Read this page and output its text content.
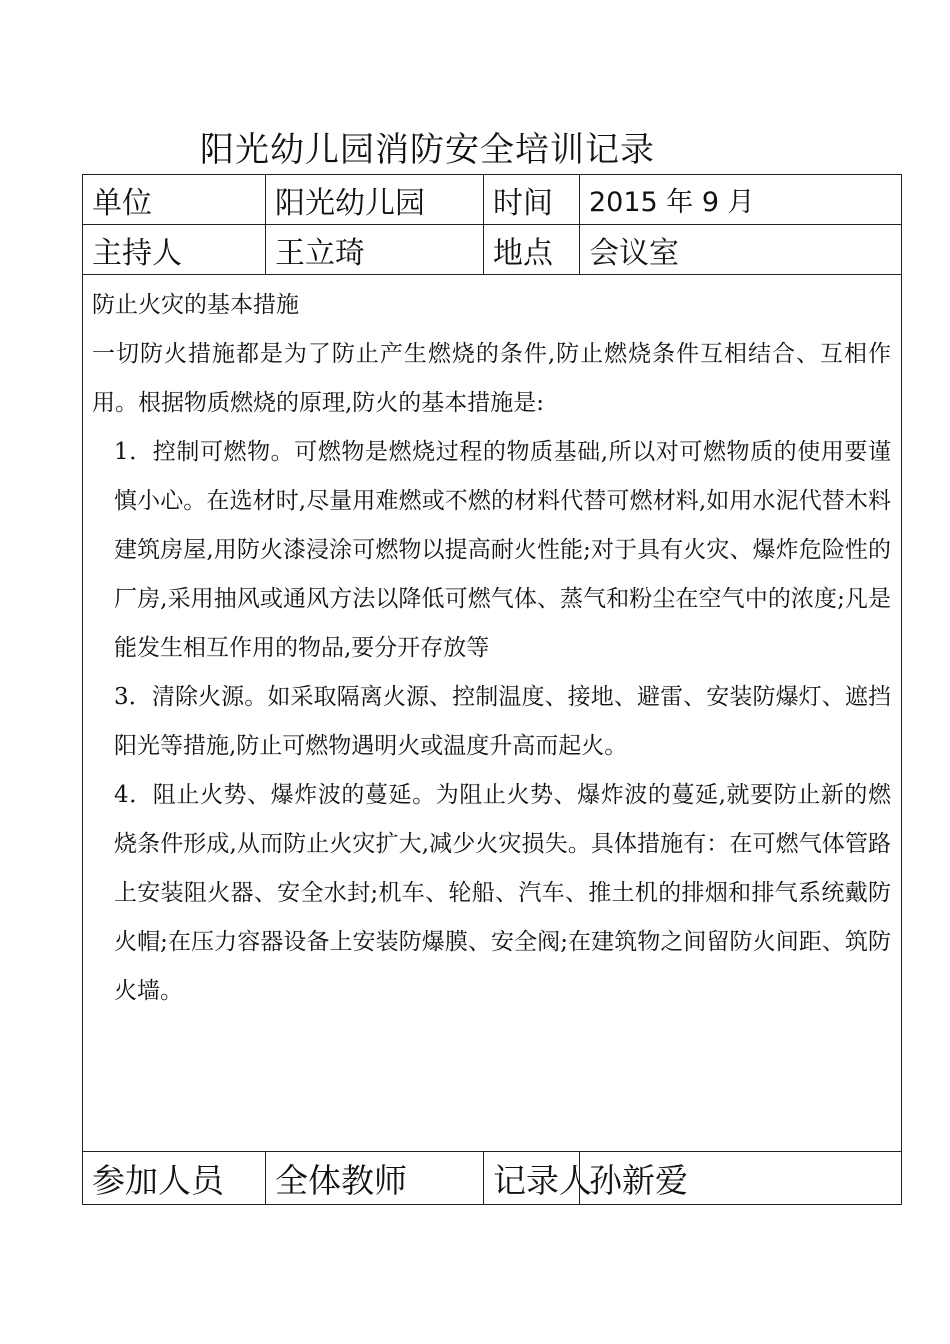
阳光幼儿园消防安全培训记录
单位	阳光幼儿园	时间	2015 年 9 月
主持人	王立琦	地点	会议室

防止火灾的基本措施

一切防火措施都是为了防止产生燃烧的条件,防止燃烧条件互相结合、互相作用。根据物质燃烧的原理,防火的基本措施是:

1．控制可燃物。可燃物是燃烧过程的物质基础,所以对可燃物质的使用要谨慎小心。在选材时,尽量用难燃或不燃的材料代替可燃材料,如用水泥代替木料建筑房屋,用防火漆浸涂可燃物以提高耐火性能;对于具有火灾、爆炸危险性的厂房,采用抽风或通风方法以降低可燃气体、蒸气和粉尘在空气中的浓度;凡是能发生相互作用的物品,要分开存放等

3．清除火源。如采取隔离火源、控制温度、接地、避雷、安装防爆灯、遮挡阳光等措施,防止可燃物遇明火或温度升高而起火。

4．阻止火势、爆炸波的蔓延。为阻止火势、爆炸波的蔓延,就要防止新的燃烧条件形成,从而防止火灾扩大,减少火灾损失。具体措施有：在可燃气体管路上安装阻火器、安全水封;机车、轮船、汽车、推土机的排烟和排气系统戴防火帽;在压力容器设备上安装防爆膜、安全阀;在建筑物之间留防火间距、筑防火墙。			

参加人员	全体教师	记录人	孙新爱
